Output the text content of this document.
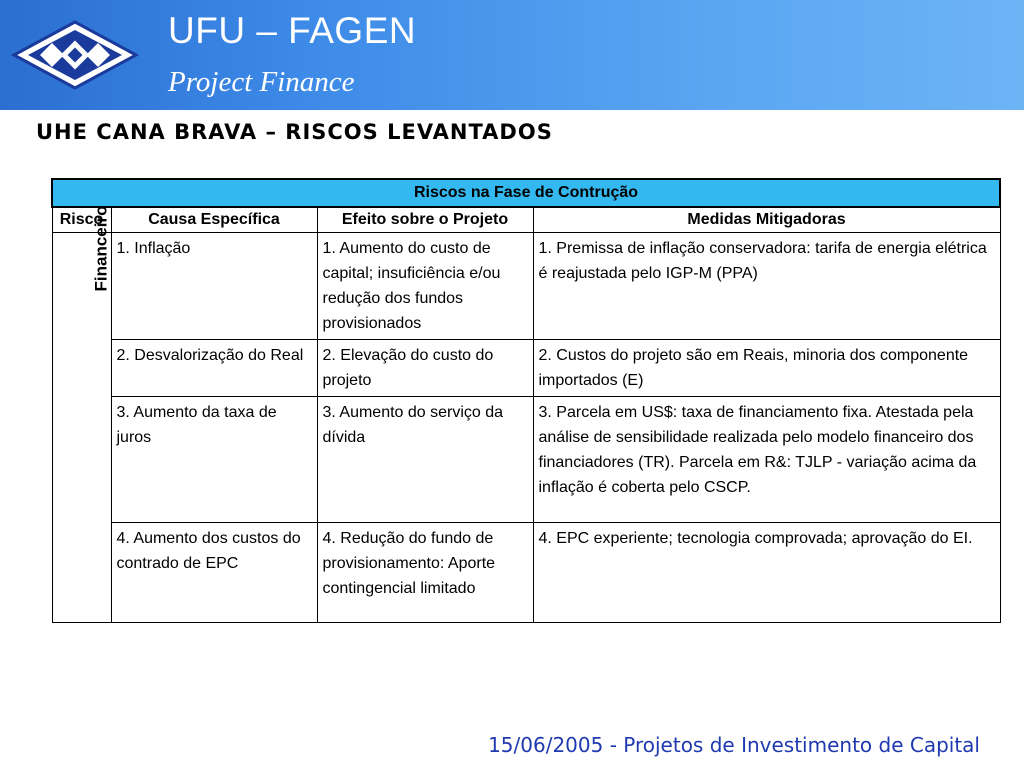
UFU – FAGEN
Project Finance
UHE CANA BRAVA – RISCOS LEVANTADOS
Riscos na Fase de Contrução			
Risco	Causa Específica	Efeito sobre o Projeto	Medidas Mitigadoras
Financeiro	1. Inflação	1. Aumento do custo de capital; insuficiência e/ou redução dos fundos provisionados	1. Premissa de inflação conservadora: tarifa de energia elétrica é reajustada pelo IGP-M (PPA)
	2. Desvalorização do Real	2. Elevação do custo do projeto	2. Custos do projeto são em Reais, minoria dos componente importados (E)
	3. Aumento da taxa de juros	3. Aumento do serviço da dívida	3. Parcela em US$: taxa de financiamento fixa. Atestada pela análise de sensibilidade realizada pelo modelo financeiro dos financiadores (TR). Parcela em R&: TJLP - variação acima da inflação é coberta pelo CSCP.
	4. Aumento dos custos do contrado de EPC	4. Redução do fundo de provisionamento: Aporte contingencial limitado	4. EPC experiente; tecnologia comprovada; aprovação do EI.
15/06/2005 - Projetos de Investimento de Capital
